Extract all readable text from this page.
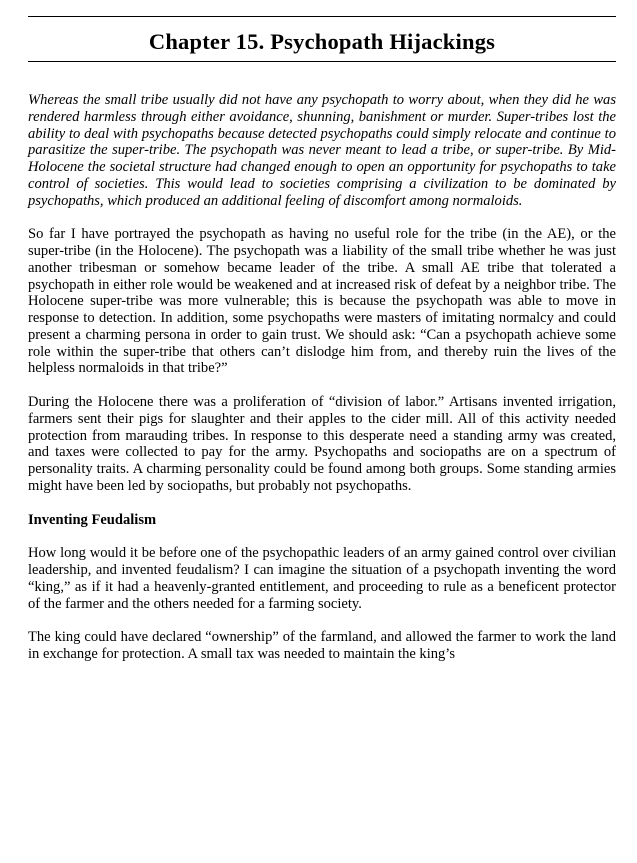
Chapter 15. Psychopath Hijackings

Whereas the small tribe usually did not have any psychopath to worry about, when they did he was rendered harmless through either avoidance, shunning, banishment or murder. Super-tribes lost the ability to deal with psychopaths because detected psychopaths could simply relocate and continue to parasitize the super-tribe. The psychopath was never meant to lead a tribe, or super-tribe. By Mid-Holocene the societal structure had changed enough to open an opportunity for psychopaths to take control of societies. This would lead to societies comprising a civilization to be dominated by psychopaths, which produced an additional feeling of discomfort among normaloids.

So far I have portrayed the psychopath as having no useful role for the tribe (in the AE), or the super-tribe (in the Holocene). The psychopath was a liability of the small tribe whether he was just another tribesman or somehow became leader of the tribe. A small AE tribe that tolerated a psychopath in either role would be weakened and at increased risk of defeat by a neighbor tribe. The Holocene super-tribe was more vulnerable; this is because the psychopath was able to move in response to detection. In addition, some psychopaths were masters of imitating normalcy and could present a charming persona in order to gain trust. We should ask: “Can a psychopath achieve some role within the super-tribe that others can’t dislodge him from, and thereby ruin the lives of the helpless normaloids in that tribe?”

During the Holocene there was a proliferation of “division of labor.” Artisans invented irrigation, farmers sent their pigs for slaughter and their apples to the cider mill. All of this activity needed protection from marauding tribes. In response to this desperate need a standing army was created, and taxes were collected to pay for the army. Psychopaths and sociopaths are on a spectrum of personality traits. A charming personality could be found among both groups. Some standing armies might have been led by sociopaths, but probably not psychopaths.

Inventing Feudalism

How long would it be before one of the psychopathic leaders of an army gained control over civilian leadership, and invented feudalism? I can imagine the situation of a psychopath inventing the word “king,” as if it had a heavenly-granted entitlement, and proceeding to rule as a beneficent protector of the farmer and the others needed for a farming society.

The king could have declared “ownership” of the farmland, and allowed the farmer to work the land in exchange for protection. A small tax was needed to maintain the king’s
